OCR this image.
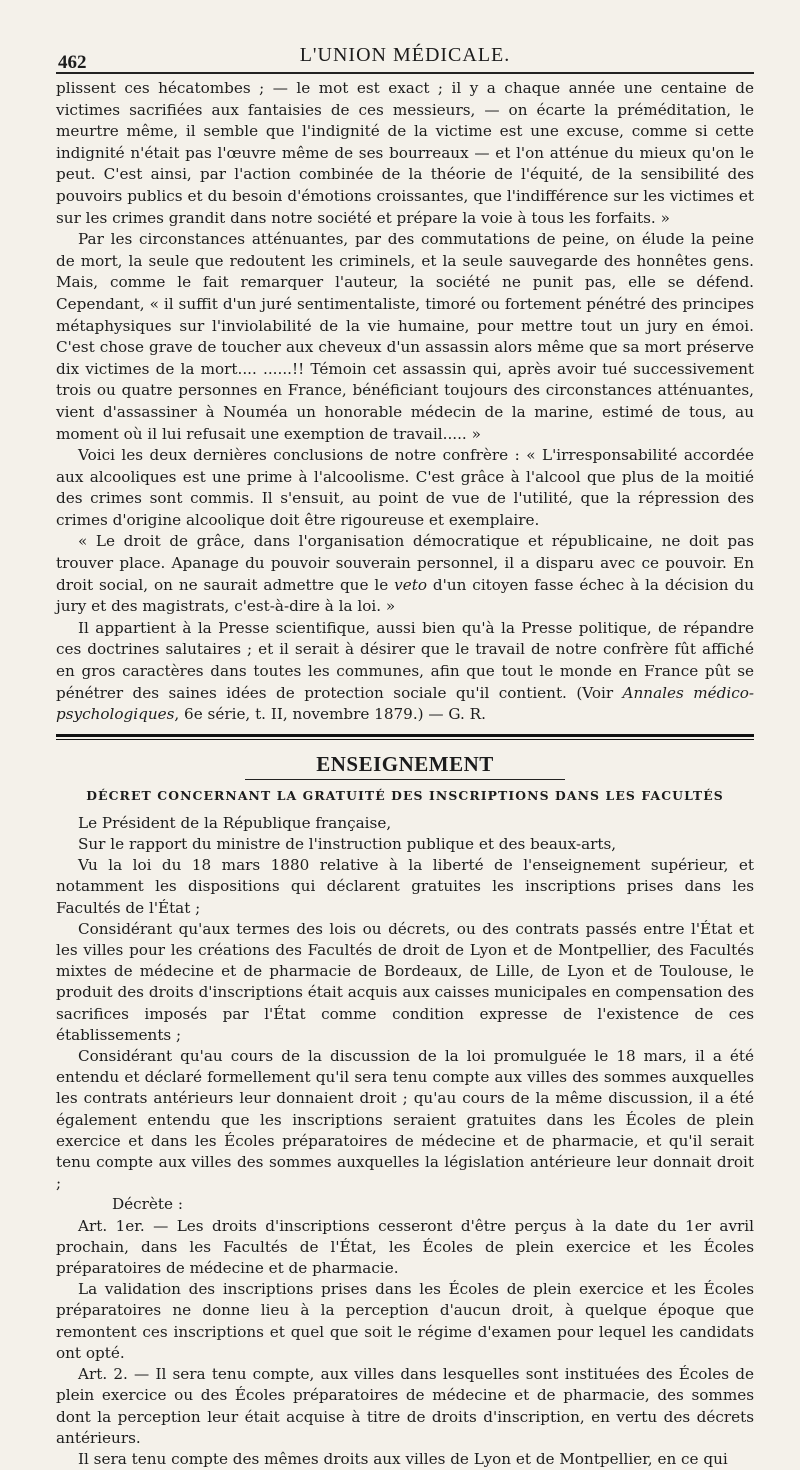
462	L'UNION MÉDICALE.

plissent ces hécatombes ; — le mot est exact ; il y a chaque année une centaine de victimes sacrifiées aux fantaisies de ces messieurs, — on écarte la préméditation, le meurtre même, il semble que l'indignité de la victime est une excuse, comme si cette indignité n'était pas l'œuvre même de ses bourreaux — et l'on atténue du mieux qu'on le peut. C'est ainsi, par l'action combinée de la théorie de l'équité, de la sensibilité des pouvoirs publics et du besoin d'émotions croissantes, que l'indifférence sur les victimes et sur les crimes grandit dans notre société et prépare la voie à tous les forfaits. »

Par les circonstances atténuantes, par des commutations de peine, on élude la peine de mort, la seule que redoutent les criminels, et la seule sauvegarde des honnêtes gens. Mais, comme le fait remarquer l'auteur, la société ne punit pas, elle se défend. Cependant, « il suffit d'un juré sentimentaliste, timoré ou fortement pénétré des principes métaphysiques sur l'inviolabilité de la vie humaine, pour mettre tout un jury en émoi. C'est chose grave de toucher aux cheveux d'un assassin alors même que sa mort préserve dix victimes de la mort.... ......!! Témoin cet assassin qui, après avoir tué successivement trois ou quatre personnes en France, bénéficiant toujours des circonstances atténuantes, vient d'assassiner à Nouméa un honorable médecin de la marine, estimé de tous, au moment où il lui refusait une exemption de travail..... »

Voici les deux dernières conclusions de notre confrère : « L'irresponsabilité accordée aux alcooliques est une prime à l'alcoolisme. C'est grâce à l'alcool que plus de la moitié des crimes sont commis. Il s'ensuit, au point de vue de l'utilité, que la répression des crimes d'origine alcoolique doit être rigoureuse et exemplaire.

« Le droit de grâce, dans l'organisation démocratique et républicaine, ne doit pas trouver place. Apanage du pouvoir souverain personnel, il a disparu avec ce pouvoir. En droit social, on ne saurait admettre que le veto d'un citoyen fasse échec à la décision du jury et des magistrats, c'est-à-dire à la loi. »

Il appartient à la Presse scientifique, aussi bien qu'à la Presse politique, de répandre ces doctrines salutaires ; et il serait à désirer que le travail de notre confrère fût affiché en gros caractères dans toutes les communes, afin que tout le monde en France pût se pénétrer des saines idées de protection sociale qu'il contient. (Voir Annales médico-psychologiques, 6e série, t. II, novembre 1879.) — G. R.

ENSEIGNEMENT
DÉCRET CONCERNANT LA GRATUITÉ DES INSCRIPTIONS DANS LES FACULTÉS

Le Président de la République française,

Sur le rapport du ministre de l'instruction publique et des beaux-arts,

Vu la loi du 18 mars 1880 relative à la liberté de l'enseignement supérieur, et notamment les dispositions qui déclarent gratuites les inscriptions prises dans les Facultés de l'État ;

Considérant qu'aux termes des lois ou décrets, ou des contrats passés entre l'État et les villes pour les créations des Facultés de droit de Lyon et de Montpellier, des Facultés mixtes de médecine et de pharmacie de Bordeaux, de Lille, de Lyon et de Toulouse, le produit des droits d'inscriptions était acquis aux caisses municipales en compensation des sacrifices imposés par l'État comme condition expresse de l'existence de ces établissements ;

Considérant qu'au cours de la discussion de la loi promulguée le 18 mars, il a été entendu et déclaré formellement qu'il sera tenu compte aux villes des sommes auxquelles les contrats antérieurs leur donnaient droit ; qu'au cours de la même discussion, il a été également entendu que les inscriptions seraient gratuites dans les Écoles de plein exercice et dans les Écoles préparatoires de médecine et de pharmacie, et qu'il serait tenu compte aux villes des sommes auxquelles la législation antérieure leur donnait droit ;

Décrète :

Art. 1er. — Les droits d'inscriptions cesseront d'être perçus à la date du 1er avril prochain, dans les Facultés de l'État, les Écoles de plein exercice et les Écoles préparatoires de médecine et de pharmacie.

La validation des inscriptions prises dans les Écoles de plein exercice et les Écoles préparatoires ne donne lieu à la perception d'aucun droit, à quelque époque que remontent ces inscriptions et quel que soit le régime d'examen pour lequel les candidats ont opté.

Art. 2. — Il sera tenu compte, aux villes dans lesquelles sont instituées des Écoles de plein exercice ou des Écoles préparatoires de médecine et de pharmacie, des sommes dont la perception leur était acquise à titre de droits d'inscription, en vertu des décrets antérieurs.

Il sera tenu compte des mêmes droits aux villes de Lyon et de Montpellier, en ce qui
